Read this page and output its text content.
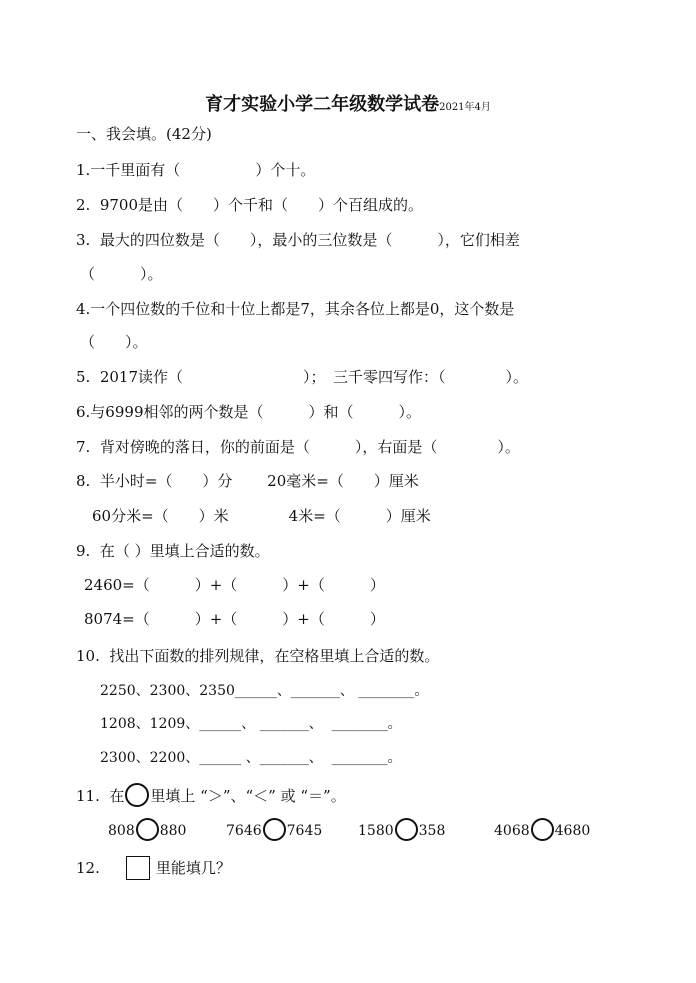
育才实验小学二年级数学试卷2021年4月
一、我会填。(42分)
1.一千里面有（　　　　　）个十。
2.  9700是由（　　）个千和（　　）个百组成的。
3.  最大的四位数是（　　），最小的三位数是（　　　），它们相差
（　　　）。
4.一个四位数的千位和十位上都是7，其余各位上都是0，这个数是
（　　）。
5.  2017读作（　　　　　　　　）；　三千零四写作：（　　　　）。
6.与6999相邻的两个数是（　　　）和（　　　）。
7.  背对傍晚的落日，你的前面是（　　　），右面是（　　　　）。
8.  半小时=（　　）分　　 20毫米=（　　）厘米
60分米=（　　）米　　　　4米=（　　　）厘米
9.  在（ ）里填上合适的数。
2460=（　　　）+（　　　）+（　　　）
8074=（　　　）+（　　　）+（　　　）
10.  找出下面数的排列规律，在空格里填上合适的数。
2250、2300、2350______、_______、 ________。
1208、1209、______、 _______、  ________。
2300、2200、______ 、_______、  ________。
11.  在 里填上 “＞”、“＜” 或 “＝”。
808 880	7646 7645	1580 358	4068 4680
12.	里能填几？
